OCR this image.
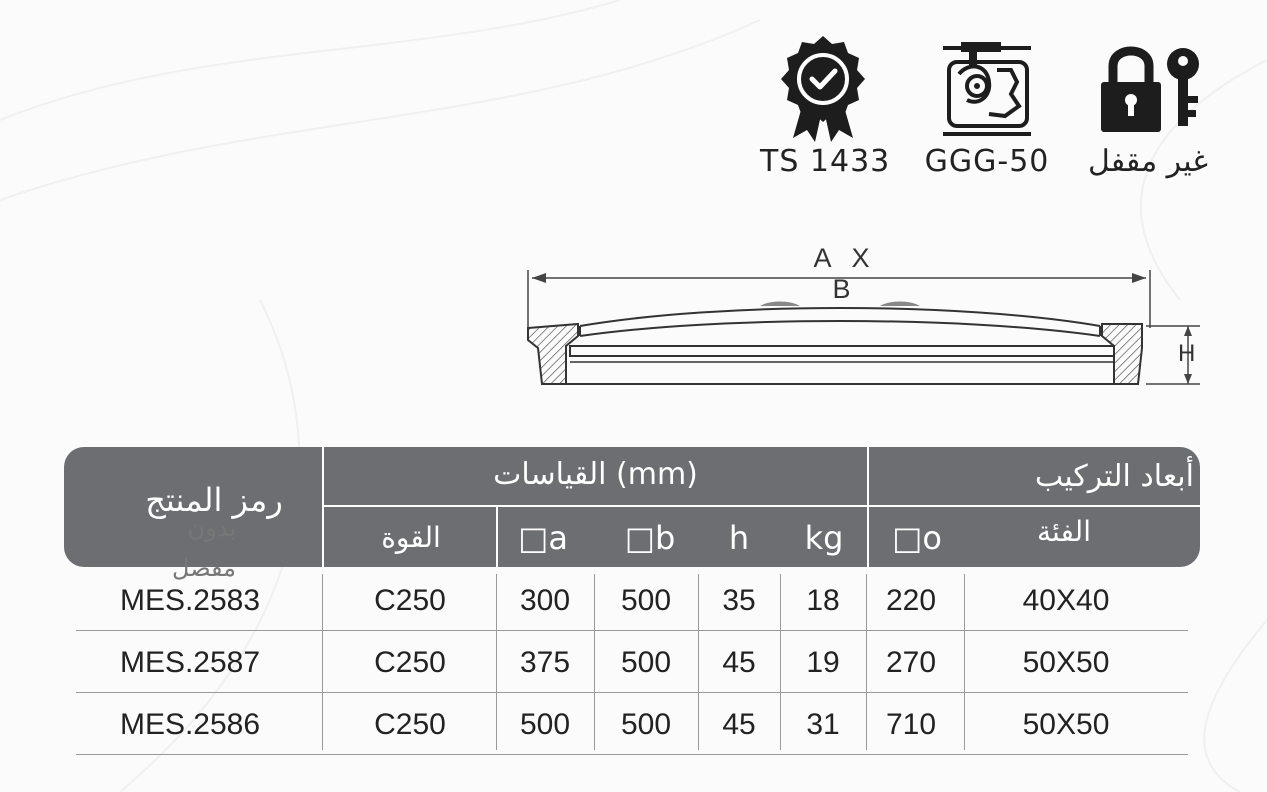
TS 1433 GGG-50 غير مقفل
A X B
H
رمز المنتج
القياسات (mm)	أبعاد التركيب
القوة	□a	□b	h	kg	□o	الفئة
بدون
مفصل
MES.2583	C250	300	500	35	18	220	40X40
MES.2587	C250	375	500	45	19	270	50X50
MES.2586	C250	500	500	45	31	710	50X50
